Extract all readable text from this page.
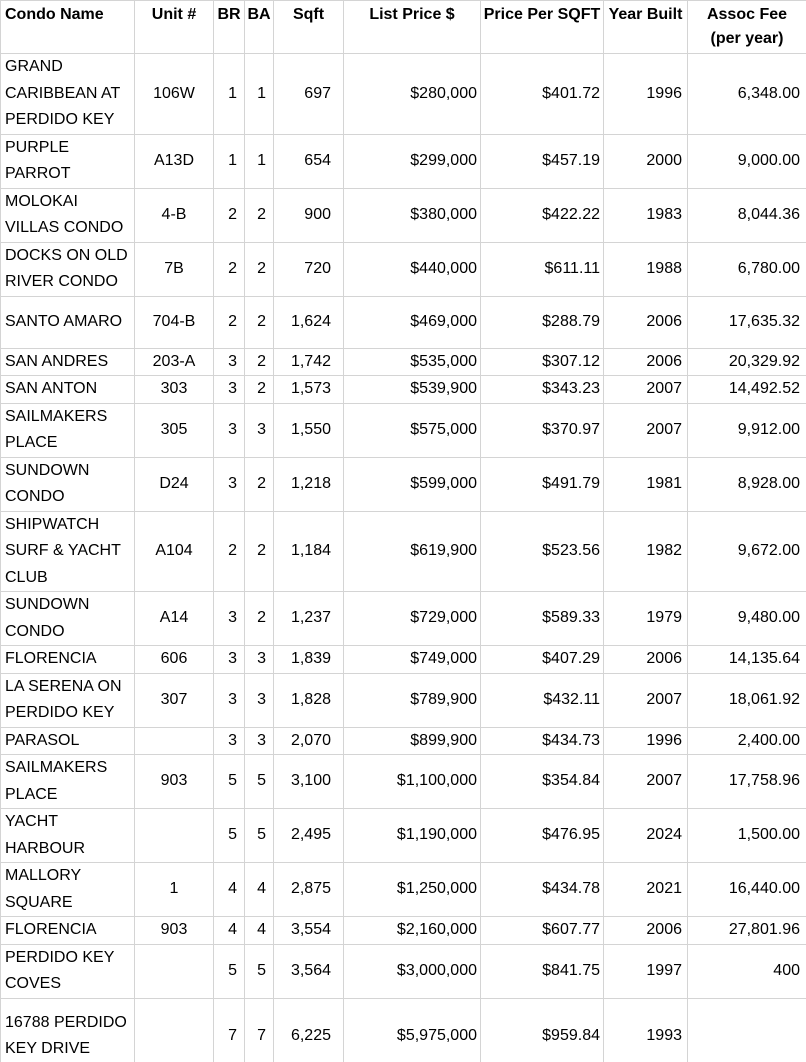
Condo Name	Unit #	BR	BA	Sqft	List Price $	Price Per SQFT	Year Built	Assoc Fee (per year)
GRAND CARIBBEAN AT PERDIDO KEY	106W	1	1	697	$280,000	$401.72	1996	6,348.00
PURPLE PARROT	A13D	1	1	654	$299,000	$457.19	2000	9,000.00
MOLOKAI VILLAS CONDO	4-B	2	2	900	$380,000	$422.22	1983	8,044.36
DOCKS ON OLD RIVER CONDO	7B	2	2	720	$440,000	$611.11	1988	6,780.00
SANTO AMARO	704-B	2	2	1,624	$469,000	$288.79	2006	17,635.32
SAN ANDRES	203-A	3	2	1,742	$535,000	$307.12	2006	20,329.92
SAN ANTON	303	3	2	1,573	$539,900	$343.23	2007	14,492.52
SAILMAKERS PLACE	305	3	3	1,550	$575,000	$370.97	2007	9,912.00
SUNDOWN CONDO	D24	3	2	1,218	$599,000	$491.79	1981	8,928.00
SHIPWATCH SURF & YACHT CLUB	A104	2	2	1,184	$619,900	$523.56	1982	9,672.00
SUNDOWN CONDO	A14	3	2	1,237	$729,000	$589.33	1979	9,480.00
FLORENCIA	606	3	3	1,839	$749,000	$407.29	2006	14,135.64
LA SERENA ON PERDIDO KEY	307	3	3	1,828	$789,900	$432.11	2007	18,061.92
PARASOL		3	3	2,070	$899,900	$434.73	1996	2,400.00
SAILMAKERS PLACE	903	5	5	3,100	$1,100,000	$354.84	2007	17,758.96
YACHT HARBOUR		5	5	2,495	$1,190,000	$476.95	2024	1,500.00
MALLORY SQUARE	1	4	4	2,875	$1,250,000	$434.78	2021	16,440.00
FLORENCIA	903	4	4	3,554	$2,160,000	$607.77	2006	27,801.96
PERDIDO KEY COVES		5	5	3,564	$3,000,000	$841.75	1997	400
16788 PERDIDO KEY DRIVE		7	7	6,225	$5,975,000	$959.84	1993	
